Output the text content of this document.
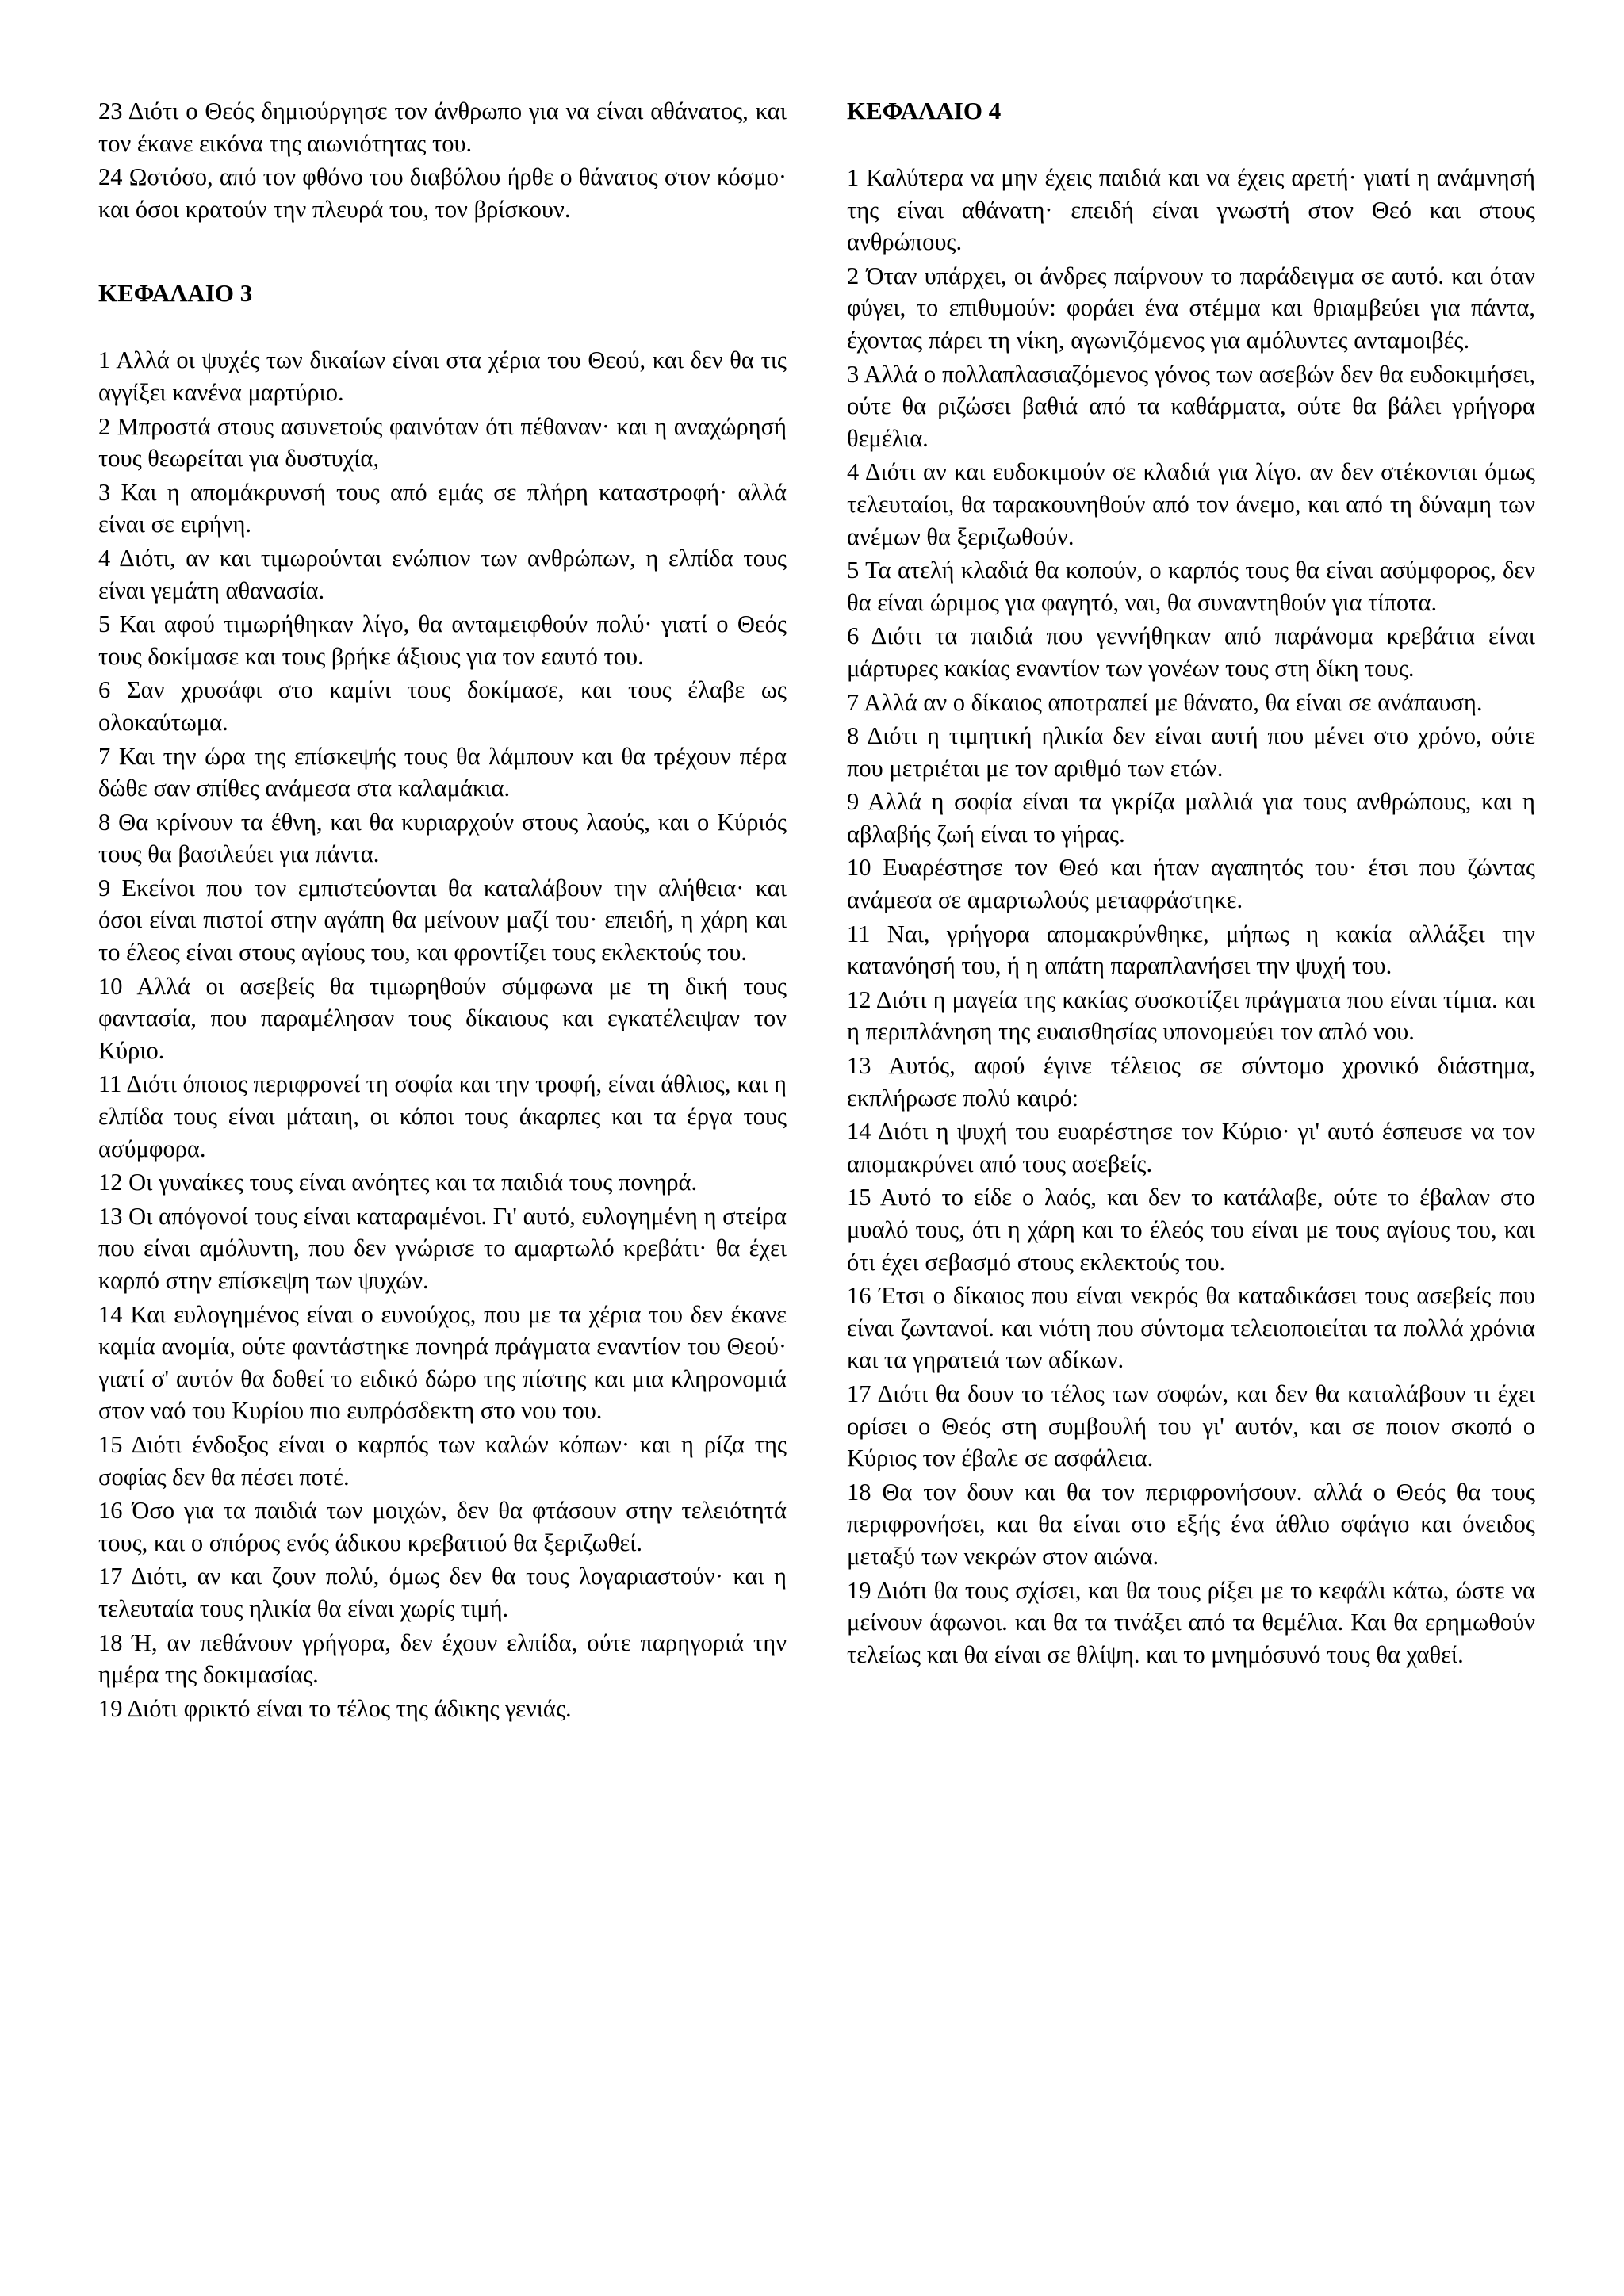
23 Διότι ο Θεός δημιούργησε τον άνθρωπο για να είναι αθάνατος, και τον έκανε εικόνα της αιωνιότητας του.

24 Ωστόσο, από τον φθόνο του διαβόλου ήρθε ο θάνατος στον κόσμο· και όσοι κρατούν την πλευρά του, τον βρίσκουν.

ΚΕΦΑΛΑΙΟ 3

1 Αλλά οι ψυχές των δικαίων είναι στα χέρια του Θεού, και δεν θα τις αγγίξει κανένα μαρτύριο.

2 Μπροστά στους ασυνετούς φαινόταν ότι πέθαναν· και η αναχώρησή τους θεωρείται για δυστυχία,

3 Και η απομάκρυνσή τους από εμάς σε πλήρη καταστροφή· αλλά είναι σε ειρήνη.

4 Διότι, αν και τιμωρούνται ενώπιον των ανθρώπων, η ελπίδα τους είναι γεμάτη αθανασία.

5 Και αφού τιμωρήθηκαν λίγο, θα ανταμειφθούν πολύ· γιατί ο Θεός τους δοκίμασε και τους βρήκε άξιους για τον εαυτό του.

6 Σαν χρυσάφι στο καμίνι τους δοκίμασε, και τους έλαβε ως ολοκαύτωμα.

7 Και την ώρα της επίσκεψής τους θα λάμπουν και θα τρέχουν πέρα δώθε σαν σπίθες ανάμεσα στα καλαμάκια.

8 Θα κρίνουν τα έθνη, και θα κυριαρχούν στους λαούς, και ο Κύριός τους θα βασιλεύει για πάντα.

9 Εκείνοι που τον εμπιστεύονται θα καταλάβουν την αλήθεια· και όσοι είναι πιστοί στην αγάπη θα μείνουν μαζί του· επειδή, η χάρη και το έλεος είναι στους αγίους του, και φροντίζει τους εκλεκτούς του.

10 Αλλά οι ασεβείς θα τιμωρηθούν σύμφωνα με τη δική τους φαντασία, που παραμέλησαν τους δίκαιους και εγκατέλειψαν τον Κύριο.

11 Διότι όποιος περιφρονεί τη σοφία και την τροφή, είναι άθλιος, και η ελπίδα τους είναι μάταιη, οι κόποι τους άκαρπες και τα έργα τους ασύμφορα.

12 Οι γυναίκες τους είναι ανόητες και τα παιδιά τους πονηρά.

13 Οι απόγονοί τους είναι καταραμένοι. Γι' αυτό, ευλογημένη η στείρα που είναι αμόλυντη, που δεν γνώρισε το αμαρτωλό κρεβάτι· θα έχει καρπό στην επίσκεψη των ψυχών.

14 Και ευλογημένος είναι ο ευνούχος, που με τα χέρια του δεν έκανε καμία ανομία, ούτε φαντάστηκε πονηρά πράγματα εναντίον του Θεού· γιατί σ' αυτόν θα δοθεί το ειδικό δώρο της πίστης και μια κληρονομιά στον ναό του Κυρίου πιο ευπρόσδεκτη στο νου του.

15 Διότι ένδοξος είναι ο καρπός των καλών κόπων· και η ρίζα της σοφίας δεν θα πέσει ποτέ.

16 Όσο για τα παιδιά των μοιχών, δεν θα φτάσουν στην τελειότητά τους, και ο σπόρος ενός άδικου κρεβατιού θα ξεριζωθεί.

17 Διότι, αν και ζουν πολύ, όμως δεν θα τους λογαριαστούν· και η τελευταία τους ηλικία θα είναι χωρίς τιμή.

18 Ή, αν πεθάνουν γρήγορα, δεν έχουν ελπίδα, ούτε παρηγοριά την ημέρα της δοκιμασίας.

19 Διότι φρικτό είναι το τέλος της άδικης γενιάς.

ΚΕΦΑΛΑΙΟ 4

1 Καλύτερα να μην έχεις παιδιά και να έχεις αρετή· γιατί η ανάμνησή της είναι αθάνατη· επειδή είναι γνωστή στον Θεό και στους ανθρώπους.

2 Όταν υπάρχει, οι άνδρες παίρνουν το παράδειγμα σε αυτό. και όταν φύγει, το επιθυμούν: φοράει ένα στέμμα και θριαμβεύει για πάντα, έχοντας πάρει τη νίκη, αγωνιζόμενος για αμόλυντες ανταμοιβές.

3 Αλλά ο πολλαπλασιαζόμενος γόνος των ασεβών δεν θα ευδοκιμήσει, ούτε θα ριζώσει βαθιά από τα καθάρματα, ούτε θα βάλει γρήγορα θεμέλια.

4 Διότι αν και ευδοκιμούν σε κλαδιά για λίγο. αν δεν στέκονται όμως τελευταίοι, θα ταρακουνηθούν από τον άνεμο, και από τη δύναμη των ανέμων θα ξεριζωθούν.

5 Τα ατελή κλαδιά θα κοπούν, ο καρπός τους θα είναι ασύμφορος, δεν θα είναι ώριμος για φαγητό, ναι, θα συναντηθούν για τίποτα.

6 Διότι τα παιδιά που γεννήθηκαν από παράνομα κρεβάτια είναι μάρτυρες κακίας εναντίον των γονέων τους στη δίκη τους.

7 Αλλά αν ο δίκαιος αποτραπεί με θάνατο, θα είναι σε ανάπαυση.

8 Διότι η τιμητική ηλικία δεν είναι αυτή που μένει στο χρόνο, ούτε που μετριέται με τον αριθμό των ετών.

9 Αλλά η σοφία είναι τα γκρίζα μαλλιά για τους ανθρώπους, και η αβλαβής ζωή είναι το γήρας.

10 Ευαρέστησε τον Θεό και ήταν αγαπητός του· έτσι που ζώντας ανάμεσα σε αμαρτωλούς μεταφράστηκε.

11 Ναι, γρήγορα απομακρύνθηκε, μήπως η κακία αλλάξει την κατανόησή του, ή η απάτη παραπλανήσει την ψυχή του.

12 Διότι η μαγεία της κακίας συσκοτίζει πράγματα που είναι τίμια. και η περιπλάνηση της ευαισθησίας υπονομεύει τον απλό νου.

13 Αυτός, αφού έγινε τέλειος σε σύντομο χρονικό διάστημα, εκπλήρωσε πολύ καιρό:

14 Διότι η ψυχή του ευαρέστησε τον Κύριο· γι' αυτό έσπευσε να τον απομακρύνει από τους ασεβείς.

15 Αυτό το είδε ο λαός, και δεν το κατάλαβε, ούτε το έβαλαν στο μυαλό τους, ότι η χάρη και το έλεός του είναι με τους αγίους του, και ότι έχει σεβασμό στους εκλεκτούς του.

16 Έτσι ο δίκαιος που είναι νεκρός θα καταδικάσει τους ασεβείς που είναι ζωντανοί. και νιότη που σύντομα τελειοποιείται τα πολλά χρόνια και τα γηρατειά των αδίκων.

17 Διότι θα δουν το τέλος των σοφών, και δεν θα καταλάβουν τι έχει ορίσει ο Θεός στη συμβουλή του γι' αυτόν, και σε ποιον σκοπό ο Κύριος τον έβαλε σε ασφάλεια.

18 Θα τον δουν και θα τον περιφρονήσουν. αλλά ο Θεός θα τους περιφρονήσει, και θα είναι στο εξής ένα άθλιο σφάγιο και όνειδος μεταξύ των νεκρών στον αιώνα.

19 Διότι θα τους σχίσει, και θα τους ρίξει με το κεφάλι κάτω, ώστε να μείνουν άφωνοι. και θα τα τινάξει από τα θεμέλια. Και θα ερημωθούν τελείως και θα είναι σε θλίψη. και το μνημόσυνό τους θα χαθεί.
